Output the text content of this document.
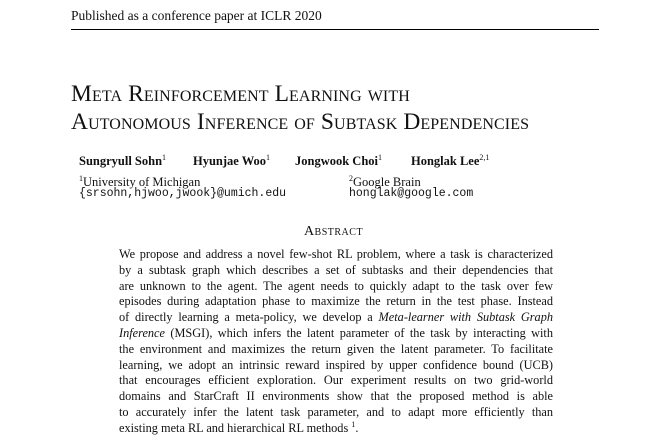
Published as a conference paper at ICLR 2020
Meta Reinforcement Learning with
Autonomous Inference of Subtask Dependencies
Sungryull Sohn$^1$ Hyunjae Woo$^1$ Jongwook Choi$^1$ Honglak Lee$^{2,1}$
$^1$University of Michigan
{srsohn,hjwoo,jwook}@umich.edu
$^2$Google Brain
honglak@google.com
Abstract
We propose and address a novel few-shot RL problem, where a task is characterized
by a subtask graph which describes a set of subtasks and their dependencies that
are unknown to the agent. The agent needs to quickly adapt to the task over few
episodes during adaptation phase to maximize the return in the test phase. Instead
of directly learning a meta-policy, we develop a Meta-learner with Subtask Graph
Inference (MSGI), which infers the latent parameter of the task by interacting with
the environment and maximizes the return given the latent parameter. To facilitate
learning, we adopt an intrinsic reward inspired by upper confidence bound (UCB)
that encourages efficient exploration. Our experiment results on two grid-world
domains and StarCraft II environments show that the proposed method is able
to accurately infer the latent task parameter, and to adapt more efficiently than
existing meta RL and hierarchical RL methods $^1$.
